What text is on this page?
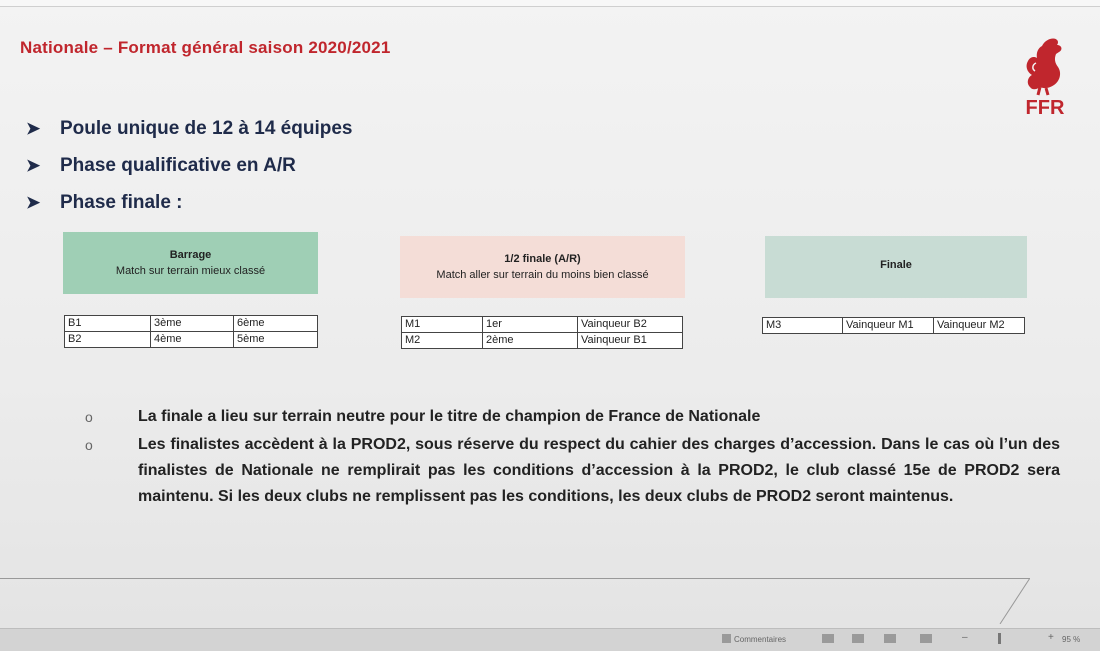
Nationale – Format général saison 2020/2021
FFR
➤	Poule unique de 12 à 14 équipes
➤	Phase qualificative en A/R
➤	Phase finale :
Barrage
Match sur terrain mieux classé
1/2 finale (A/R)
Match aller sur terrain du moins bien classé
Finale
B1	3ème	6ème
B2	4ème	5ème
M1	1er	Vainqueur B2
M2	2ème	Vainqueur B1
M3	Vainqueur M1	Vainqueur M2
o	La finale a lieu sur terrain neutre pour le titre de champion de France de Nationale
o	Les finalistes accèdent à la PROD2, sous réserve du respect du cahier des charges d’accession. Dans le cas où l’un des finalistes de Nationale ne remplirait pas les conditions d’accession à la PROD2, le club classé 15e de PROD2 sera maintenu. Si les deux clubs ne remplissent pas les conditions, les deux clubs de PROD2 seront maintenus.
Commentaires	–	+ 95 %
